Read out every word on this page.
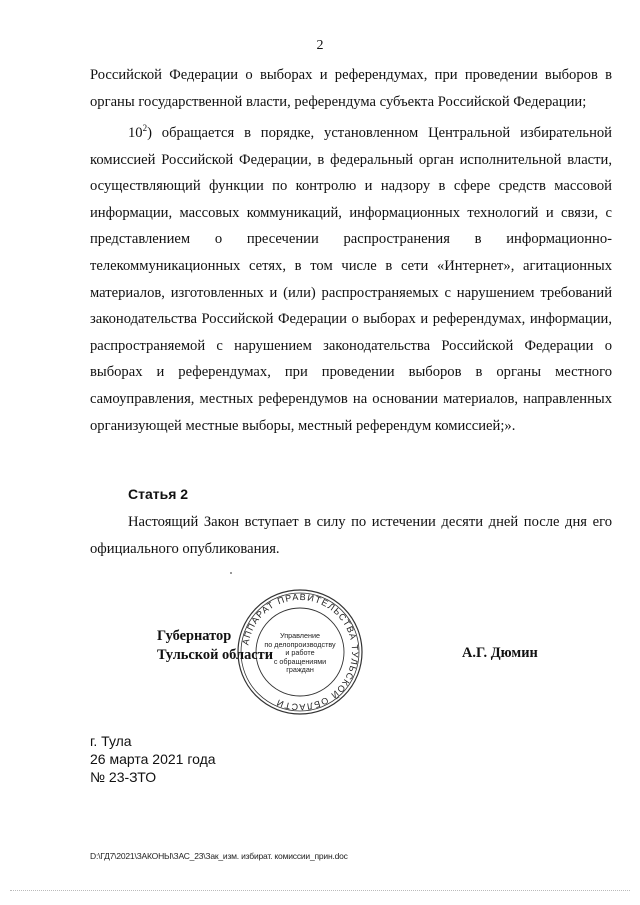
2

Российской Федерации о выборах и референдумах, при проведении выборов в органы государственной власти, референдума субъекта Российской Федерации;

$10^2$) обращается в порядке, установленном Центральной избирательной комиссией Российской Федерации, в федеральный орган исполнительной власти, осуществляющий функции по контролю и надзору в сфере средств массовой информации, массовых коммуникаций, информационных технологий и связи, с представлением о пресечении распространения в информационно-телекоммуникационных сетях, в том числе в сети «Интернет», агитационных материалов, изготовленных и (или) распространяемых с нарушением требований законодательства Российской Федерации о выборах и референдумах, информации, распространяемой с нарушением законодательства Российской Федерации о выборах и референдумах, при проведении выборов в органы местного самоуправления, местных референдумов на основании материалов, направленных организующей местные выборы, местный референдум комиссией;».

Статья 2

Настоящий Закон вступает в силу по истечении десяти дней после дня его официального опубликования.

АППАРАТ ПРАВИТЕЛЬСТВА ТУЛЬСКОЙ ОБЛАСТИ
Управление
по делопроизводству
и работе
с обращениями
граждан
Губернатор
Тульской области	А.Г. Дюмин
г. Тула
26 марта 2021 года
№ 23-ЗТО
D:\ГД7\2021\ЗАКОНЫ\ЗАС_23\Зак_изм. избират. комиссии_прин.doc
